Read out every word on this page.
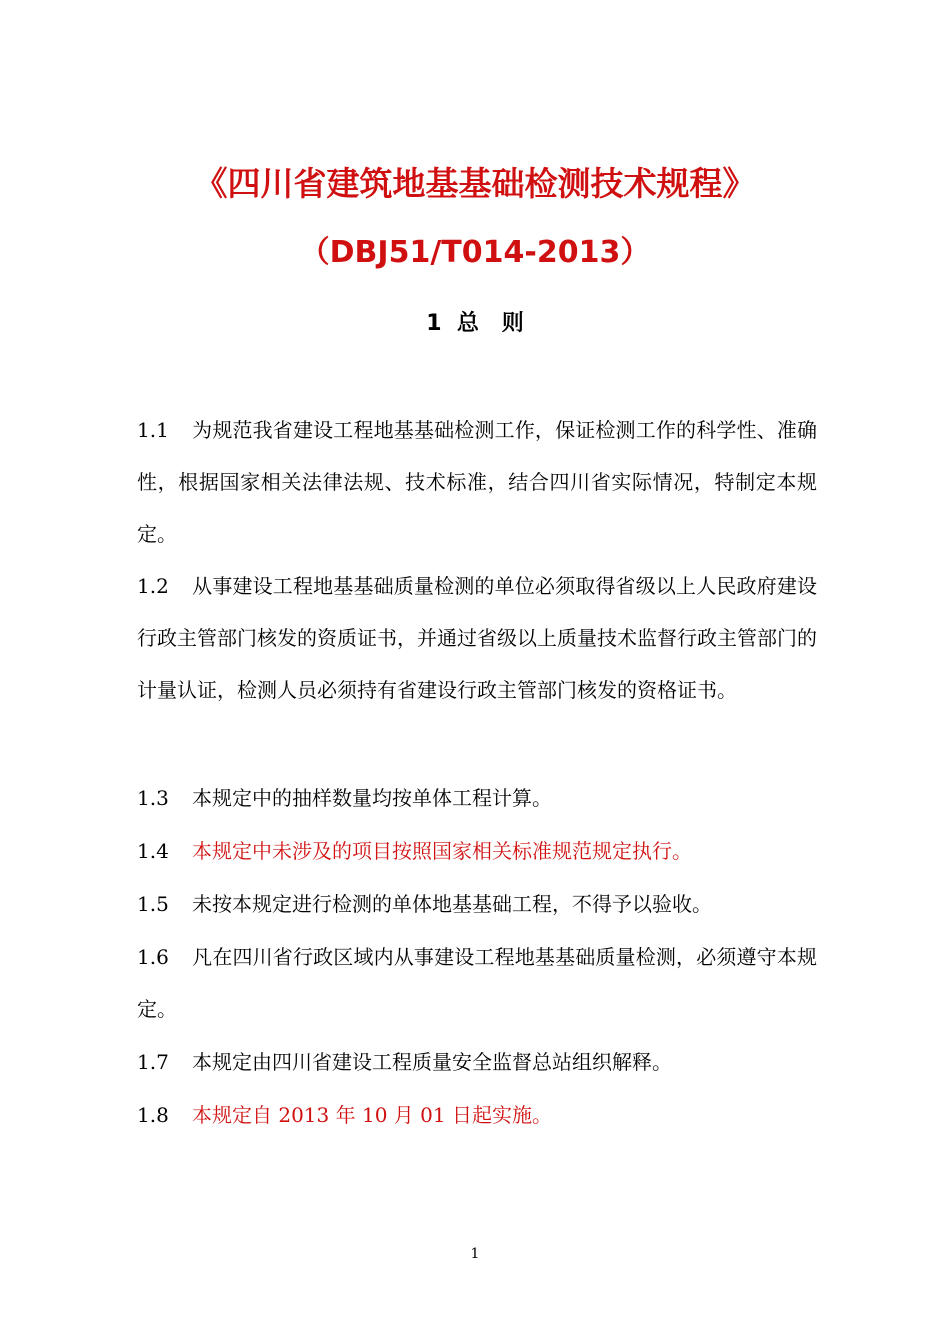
《四川省建筑地基基础检测技术规程》
（DBJ51/T014-2013）
1  总   则
1.1 为规范我省建设工程地基基础检测工作，保证检测工作的科学性、准确性，根据国家相关法律法规、技术标准，结合四川省实际情况，特制定本规定。
1.2 从事建设工程地基基础质量检测的单位必须取得省级以上人民政府建设行政主管部门核发的资质证书，并通过省级以上质量技术监督行政主管部门的计量认证，检测人员必须持有省建设行政主管部门核发的资格证书。
1.3 本规定中的抽样数量均按单体工程计算。
1.4 本规定中未涉及的项目按照国家相关标准规范规定执行。
1.5 未按本规定进行检测的单体地基基础工程，不得予以验收。
1.6 凡在四川省行政区域内从事建设工程地基基础质量检测，必须遵守本规定。
1.7 本规定由四川省建设工程质量安全监督总站组织解释。
1.8 本规定自 2013 年 10 月 01 日起实施。
1
